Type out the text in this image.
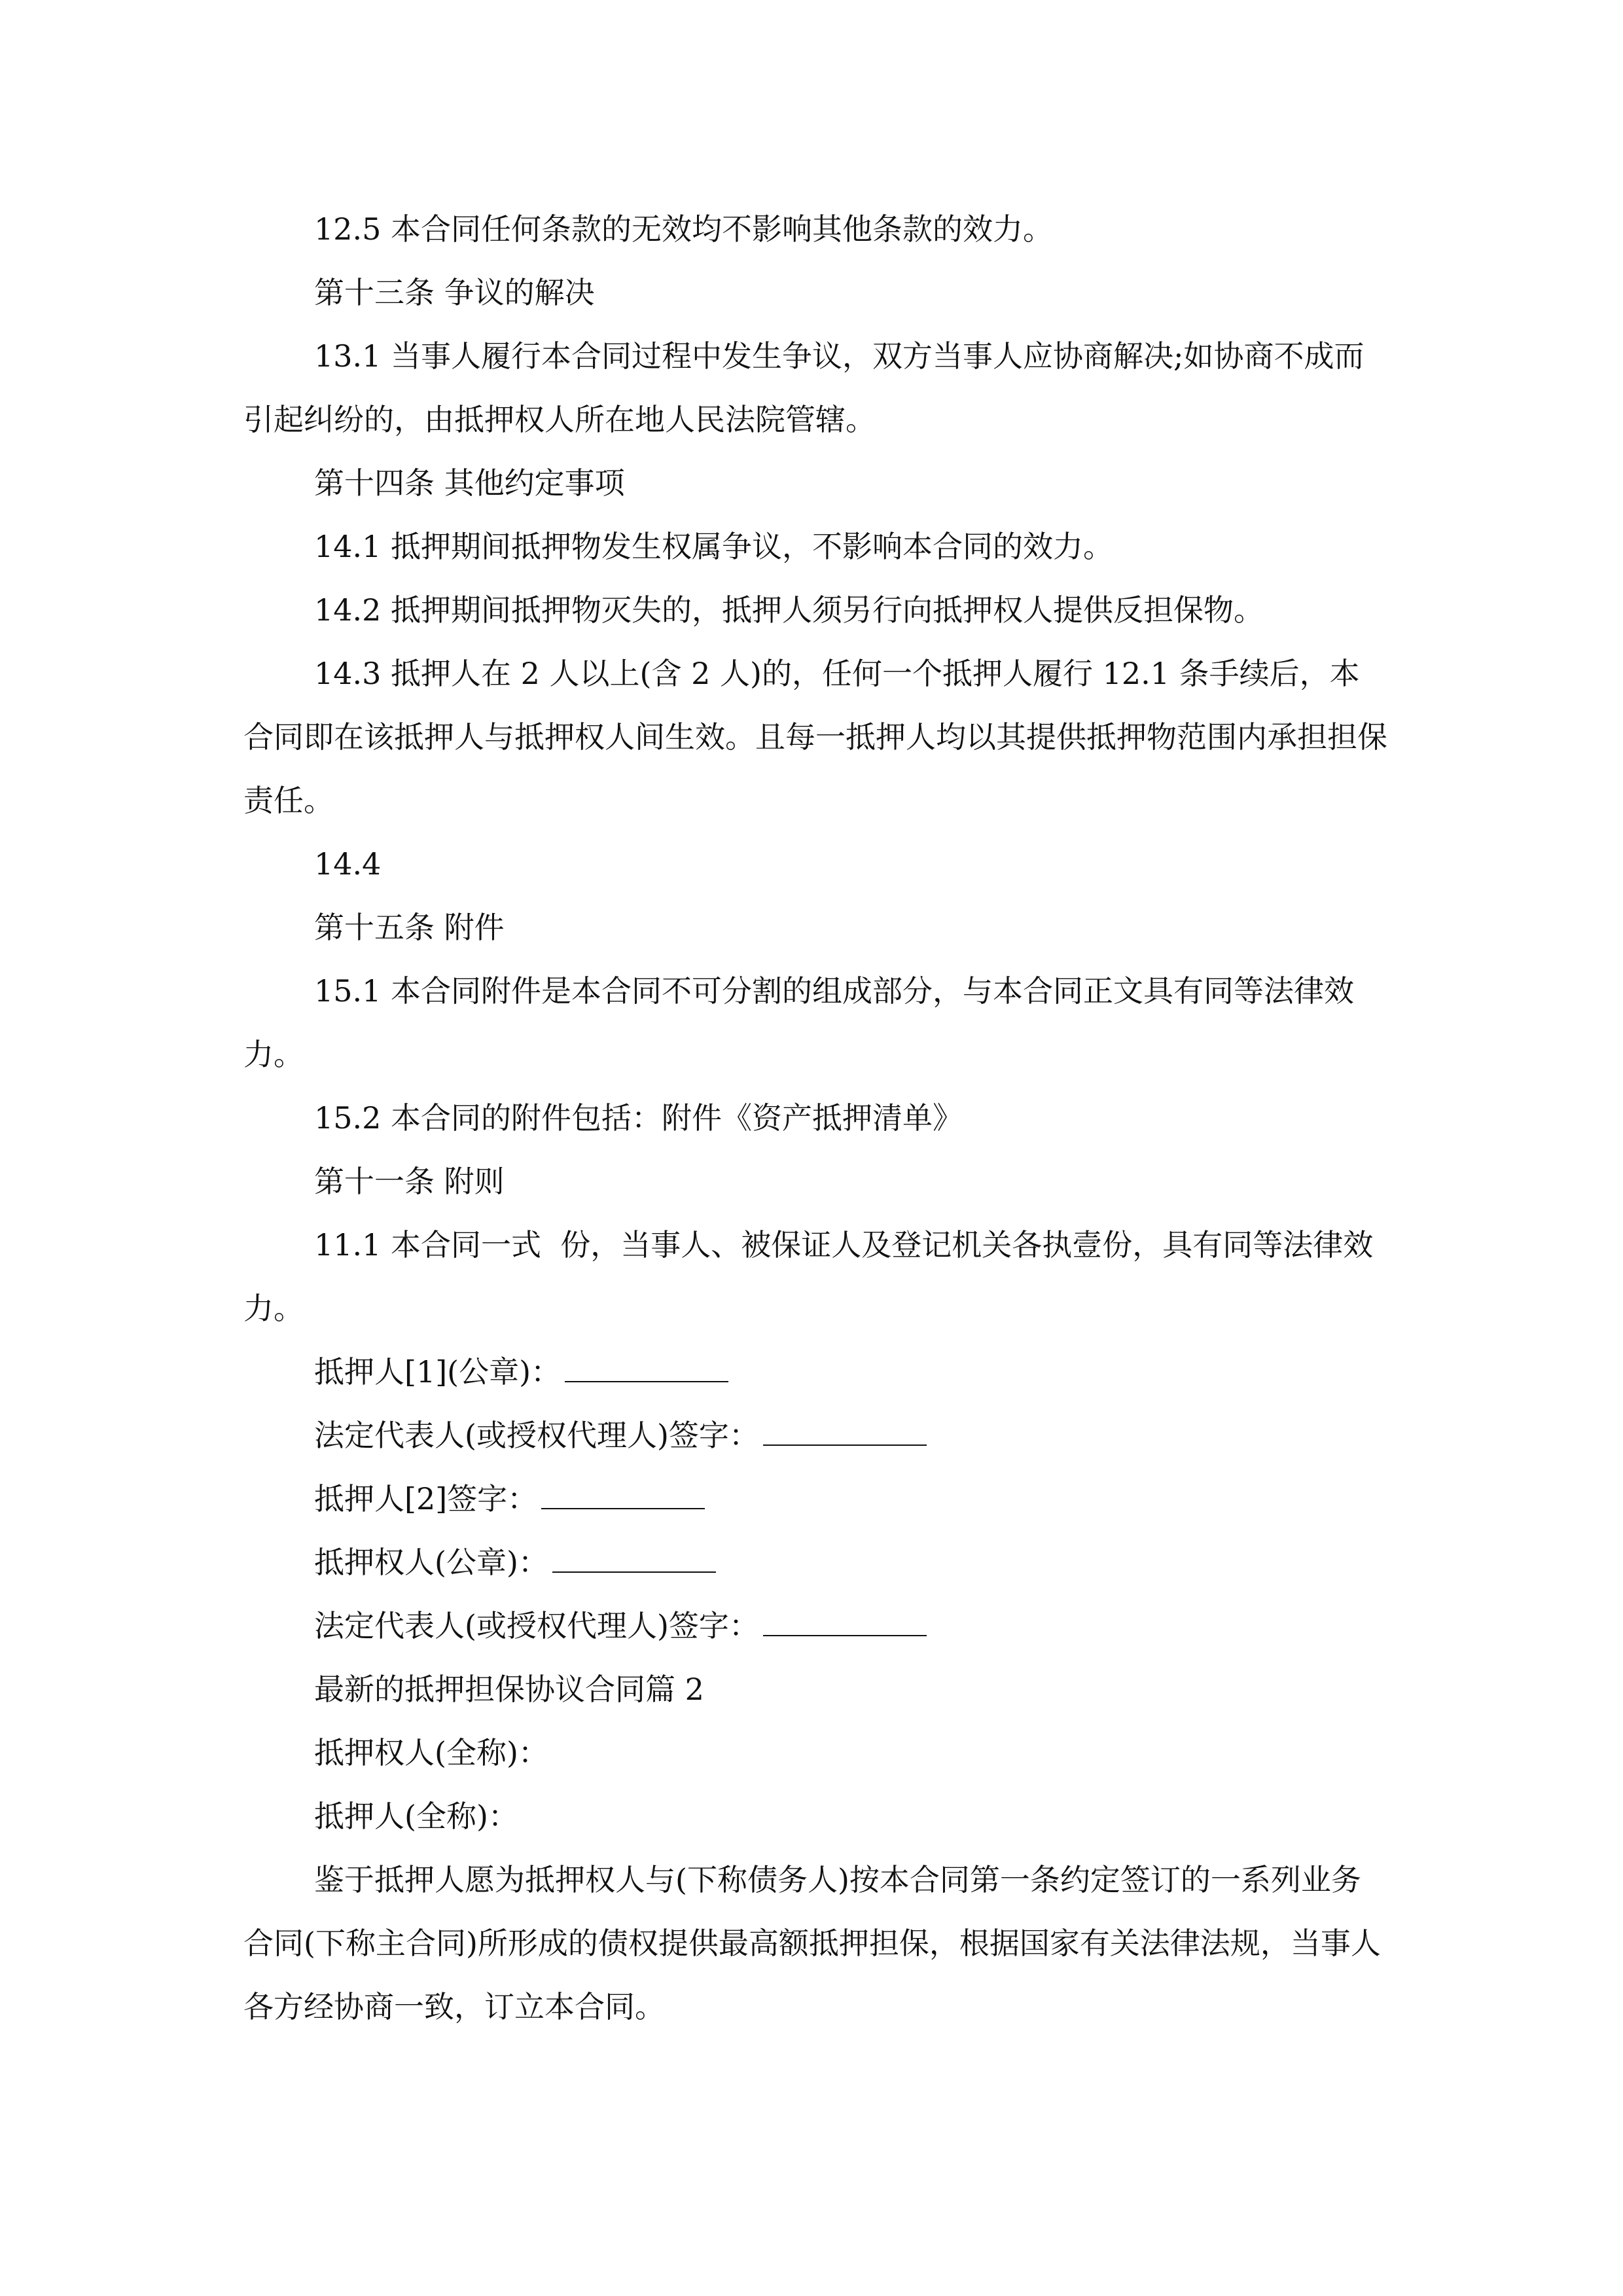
12.5 本合同任何条款的无效均不影响其他条款的效力。

第十三条 争议的解决

13.1 当事人履行本合同过程中发生争议，双方当事人应协商解决;如协商不成而引起纠纷的，由抵押权人所在地人民法院管辖。

第十四条 其他约定事项

14.1 抵押期间抵押物发生权属争议，不影响本合同的效力。

14.2 抵押期间抵押物灭失的，抵押人须另行向抵押权人提供反担保物。

14.3 抵押人在 2 人以上(含 2 人)的，任何一个抵押人履行 12.1 条手续后，本合同即在该抵押人与抵押权人间生效。且每一抵押人均以其提供抵押物范围内承担担保责任。

14.4

第十五条 附件

15.1 本合同附件是本合同不可分割的组成部分，与本合同正文具有同等法律效力。

15.2 本合同的附件包括：附件《资产抵押清单》

第十一条 附则

11.1 本合同一式  份，当事人、被保证人及登记机关各执壹份，具有同等法律效力。

抵押人[1](公章)：

法定代表人(或授权代理人)签字：

抵押人[2]签字：

抵押权人(公章)：

法定代表人(或授权代理人)签字：

最新的抵押担保协议合同篇 2

抵押权人(全称)：

抵押人(全称)：

鉴于抵押人愿为抵押权人与(下称债务人)按本合同第一条约定签订的一系列业务合同(下称主合同)所形成的债权提供最高额抵押担保，根据国家有关法律法规，当事人各方经协商一致，订立本合同。
